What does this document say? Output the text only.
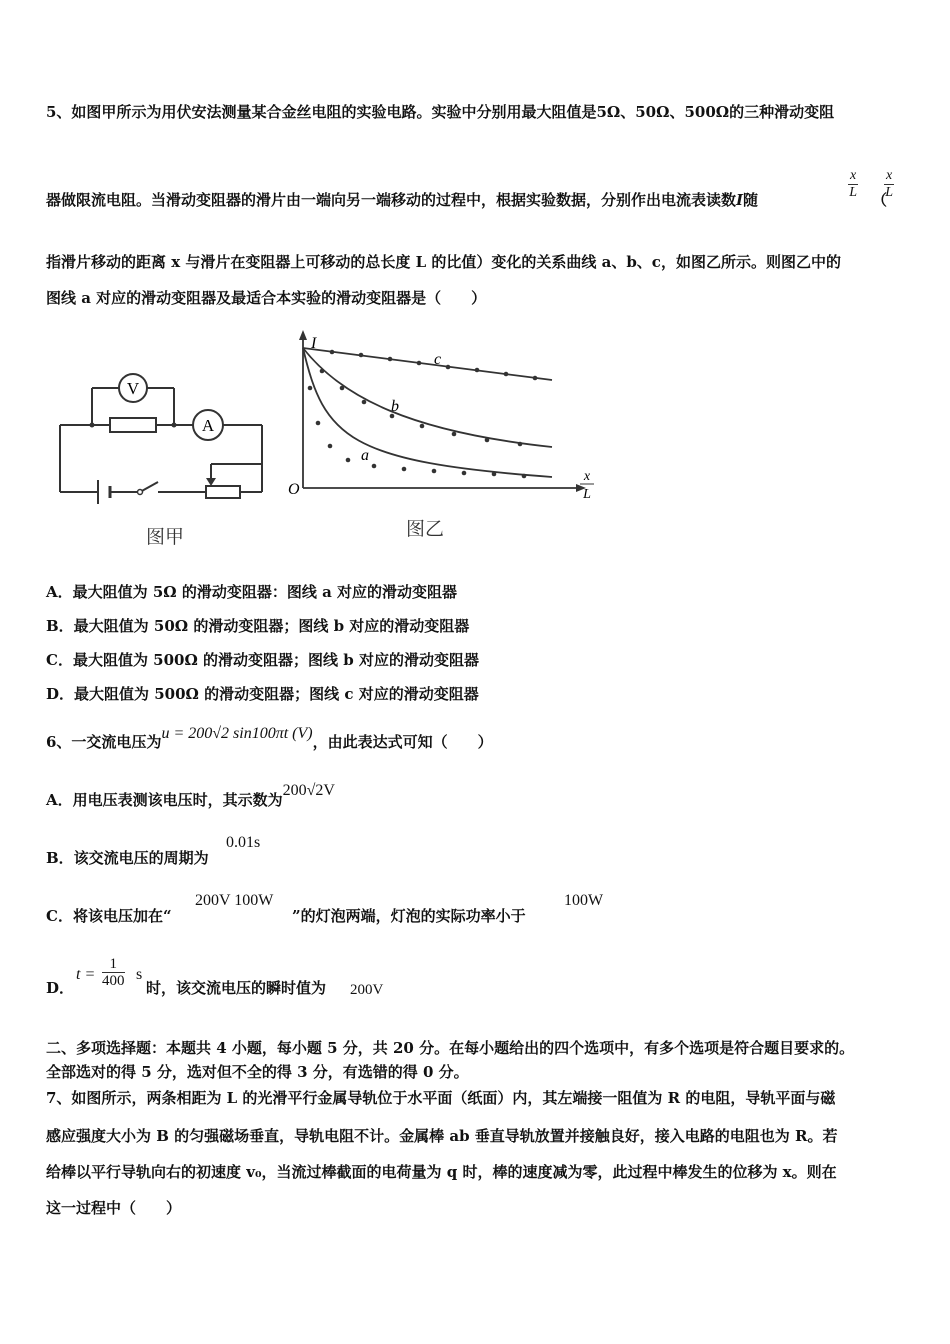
5、如图甲所示为用伏安法测量某合金丝电阻的实验电路。实验中分别用最大阻值是5Ω、50Ω、500Ω的三种滑动变阻
器做限流电阻。当滑动变阻器的滑片由一端向另一端移动的过程中，根据实验数据，分别作出电流表读数I随	$\frac{x}{L}$ （
$\frac{x}{L}$
指滑片移动的距离 x 与滑片在变阻器上可移动的总长度 L 的比值）变化的关系曲线 a、b、c，如图乙所示。则图乙中的
图线 a 对应的滑动变阻器及最适合本实验的滑动变阻器是（　　）
V
A
图甲
I
O
x
L
a
b
c
图乙
A．最大阻值为 5Ω 的滑动变阻器：图线 a 对应的滑动变阻器
B．最大阻值为 50Ω 的滑动变阻器；图线 b 对应的滑动变阻器
C．最大阻值为 500Ω 的滑动变阻器；图线 b 对应的滑动变阻器
D．最大阻值为 500Ω 的滑动变阻器；图线 c 对应的滑动变阻器
6、一交流电压为u = 200√2 sin100πt (V)，由此表达式可知（　　）
A．用电压表测该电压时，其示数为200√2V
B．该交流电压的周期为
0.01s
C．将该电压加在“
200V 100W
”的灯泡两端，灯泡的实际功率小于
100W
D．
$t = \frac{1}{400}$ s
时，该交流电压的瞬时值为 200V
二、多项选择题：本题共 4 小题，每小题 5 分，共 20 分。在每小题给出的四个选项中，有多个选项是符合题目要求的。
全部选对的得 5 分，选对但不全的得 3 分，有选错的得 0 分。
7、如图所示，两条相距为 L 的光滑平行金属导轨位于水平面（纸面）内，其左端接一阻值为 R 的电阻，导轨平面与磁
感应强度大小为 B 的匀强磁场垂直，导轨电阻不计。金属棒 ab 垂直导轨放置并接触良好，接入电路的电阻也为 R。若
给棒以平行导轨向右的初速度 v₀，当流过棒截面的电荷量为 q 时，棒的速度减为零，此过程中棒发生的位移为 x。则在
这一过程中（　　）
